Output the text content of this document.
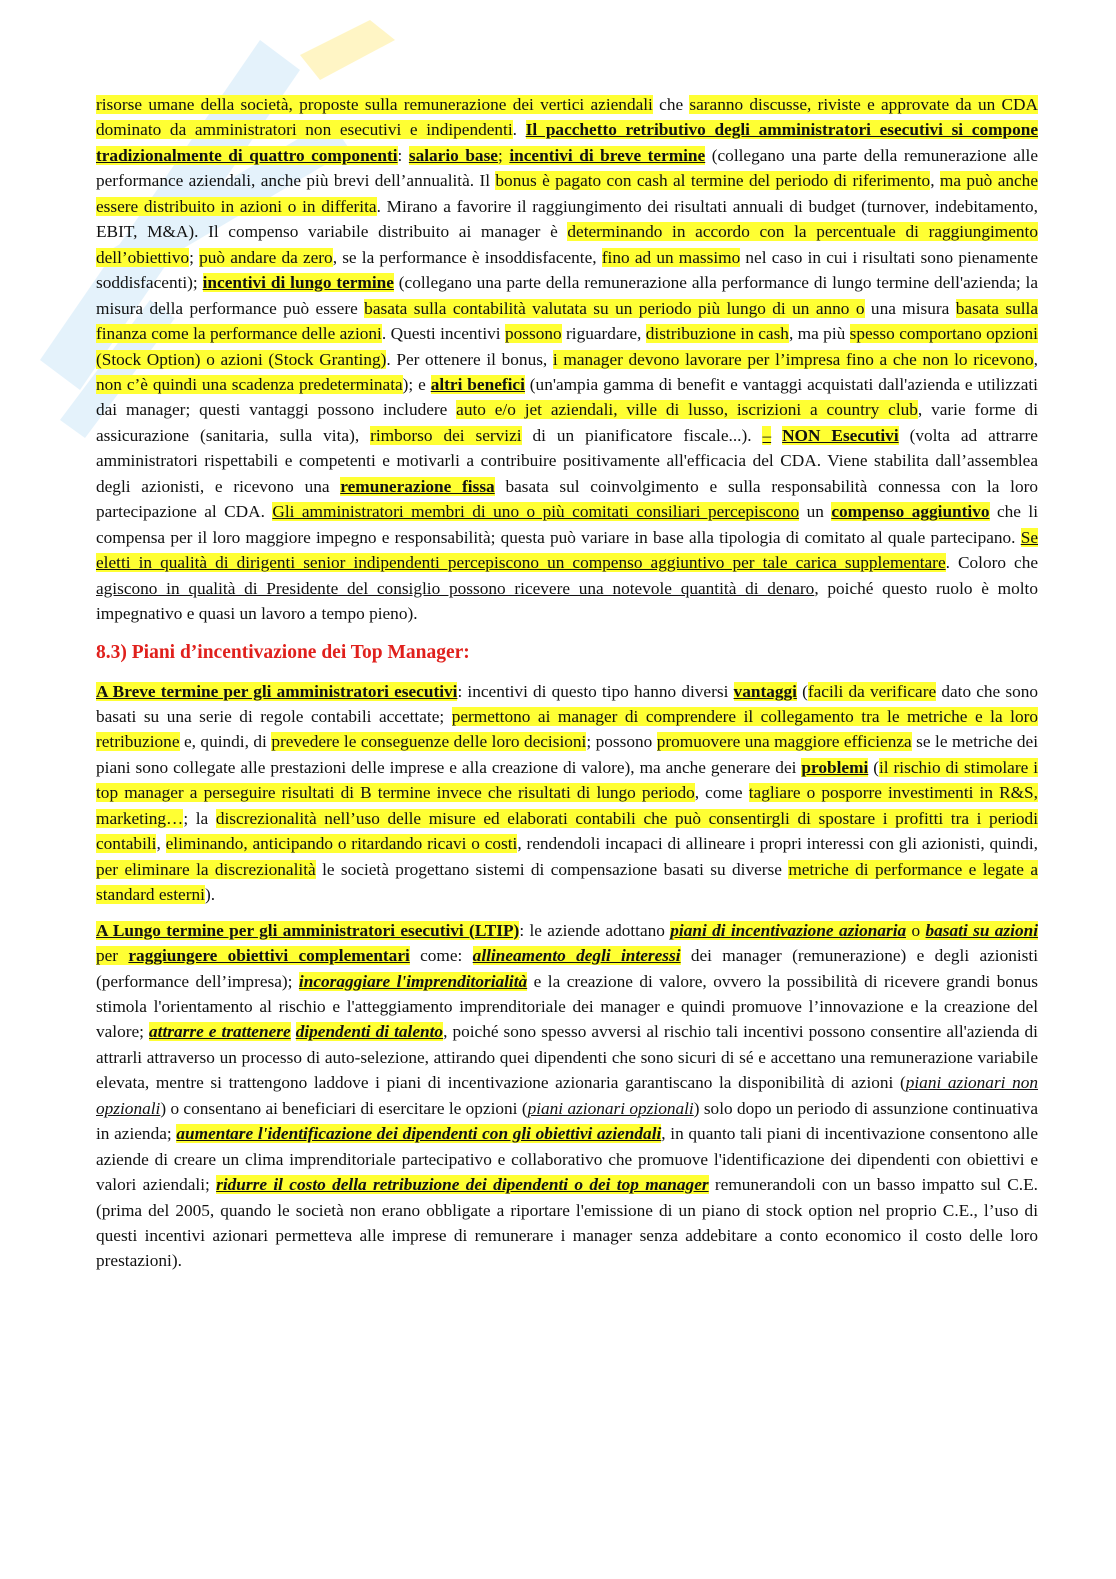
risorse umane della società, proposte sulla remunerazione dei vertici aziendali che saranno discusse, riviste e approvate da un CDA dominato da amministratori non esecutivi e indipendenti. Il pacchetto retributivo degli amministratori esecutivi si compone tradizionalmente di quattro componenti: salario base; incentivi di breve termine (collegano una parte della remunerazione alle performance aziendali, anche più brevi dell’annualità. Il bonus è pagato con cash al termine del periodo di riferimento, ma può anche essere distribuito in azioni o in differita. Mirano a favorire il raggiungimento dei risultati annuali di budget (turnover, indebitamento, EBIT, M&A). Il compenso variabile distribuito ai manager è determinando in accordo con la percentuale di raggiungimento dell’obiettivo; può andare da zero, se la performance è insoddisfacente, fino ad un massimo nel caso in cui i risultati sono pienamente soddisfacenti); incentivi di lungo termine (collegano una parte della remunerazione alla performance di lungo termine dell'azienda; la misura della performance può essere basata sulla contabilità valutata su un periodo più lungo di un anno o una misura basata sulla finanza come la performance delle azioni. Questi incentivi possono riguardare, distribuzione in cash, ma più spesso comportano opzioni (Stock Option) o azioni (Stock Granting). Per ottenere il bonus, i manager devono lavorare per l’impresa fino a che non lo ricevono, non c’è quindi una scadenza predeterminata); e altri benefici (un'ampia gamma di benefit e vantaggi acquistati dall'azienda e utilizzati dai manager; questi vantaggi possono includere auto e/o jet aziendali, ville di lusso, iscrizioni a country club, varie forme di assicurazione (sanitaria, sulla vita), rimborso dei servizi di un pianificatore fiscale...). – NON Esecutivi (volta ad attrarre amministratori rispettabili e competenti e motivarli a contribuire positivamente all'efficacia del CDA. Viene stabilita dall’assemblea degli azionisti, e ricevono una remunerazione fissa basata sul coinvolgimento e sulla responsabilità connessa con la loro partecipazione al CDA. Gli amministratori membri di uno o più comitati consiliari percepiscono un compenso aggiuntivo che li compensa per il loro maggiore impegno e responsabilità; questa può variare in base alla tipologia di comitato al quale partecipano. Se eletti in qualità di dirigenti senior indipendenti percepiscono un compenso aggiuntivo per tale carica supplementare. Coloro che agiscono in qualità di Presidente del consiglio possono ricevere una notevole quantità di denaro, poiché questo ruolo è molto impegnativo e quasi un lavoro a tempo pieno).

8.3) Piani d’incentivazione dei Top Manager:

A Breve termine per gli amministratori esecutivi: incentivi di questo tipo hanno diversi vantaggi (facili da verificare dato che sono basati su una serie di regole contabili accettate; permettono ai manager di comprendere il collegamento tra le metriche e la loro retribuzione e, quindi, di prevedere le conseguenze delle loro decisioni; possono promuovere una maggiore efficienza se le metriche dei piani sono collegate alle prestazioni delle imprese e alla creazione di valore), ma anche generare dei problemi (il rischio di stimolare i top manager a perseguire risultati di B termine invece che risultati di lungo periodo, come tagliare o posporre investimenti in R&S, marketing…; la discrezionalità nell’uso delle misure ed elaborati contabili che può consentirgli di spostare i profitti tra i periodi contabili, eliminando, anticipando o ritardando ricavi o costi, rendendoli incapaci di allineare i propri interessi con gli azionisti, quindi, per eliminare la discrezionalità le società progettano sistemi di compensazione basati su diverse metriche di performance e legate a standard esterni).

A Lungo termine per gli amministratori esecutivi (LTIP): le aziende adottano piani di incentivazione azionaria o basati su azioni per raggiungere obiettivi complementari come: allineamento degli interessi dei manager (remunerazione) e degli azionisti (performance dell’impresa); incoraggiare l'imprenditorialità e la creazione di valore, ovvero la possibilità di ricevere grandi bonus stimola l'orientamento al rischio e l'atteggiamento imprenditoriale dei manager e quindi promuove l’innovazione e la creazione del valore; attrarre e trattenere dipendenti di talento, poiché sono spesso avversi al rischio tali incentivi possono consentire all'azienda di attrarli attraverso un processo di auto-selezione, attirando quei dipendenti che sono sicuri di sé e accettano una remunerazione variabile elevata, mentre si trattengono laddove i piani di incentivazione azionaria garantiscano la disponibilità di azioni (piani azionari non opzionali) o consentano ai beneficiari di esercitare le opzioni (piani azionari opzionali) solo dopo un periodo di assunzione continuativa in azienda; aumentare l'identificazione dei dipendenti con gli obiettivi aziendali, in quanto tali piani di incentivazione consentono alle aziende di creare un clima imprenditoriale partecipativo e collaborativo che promuove l'identificazione dei dipendenti con obiettivi e valori aziendali; ridurre il costo della retribuzione dei dipendenti o dei top manager remunerandoli con un basso impatto sul C.E. (prima del 2005, quando le società non erano obbligate a riportare l'emissione di un piano di stock option nel proprio C.E., l’uso di questi incentivi azionari permetteva alle imprese di remunerare i manager senza addebitare a conto economico il costo delle loro prestazioni).
